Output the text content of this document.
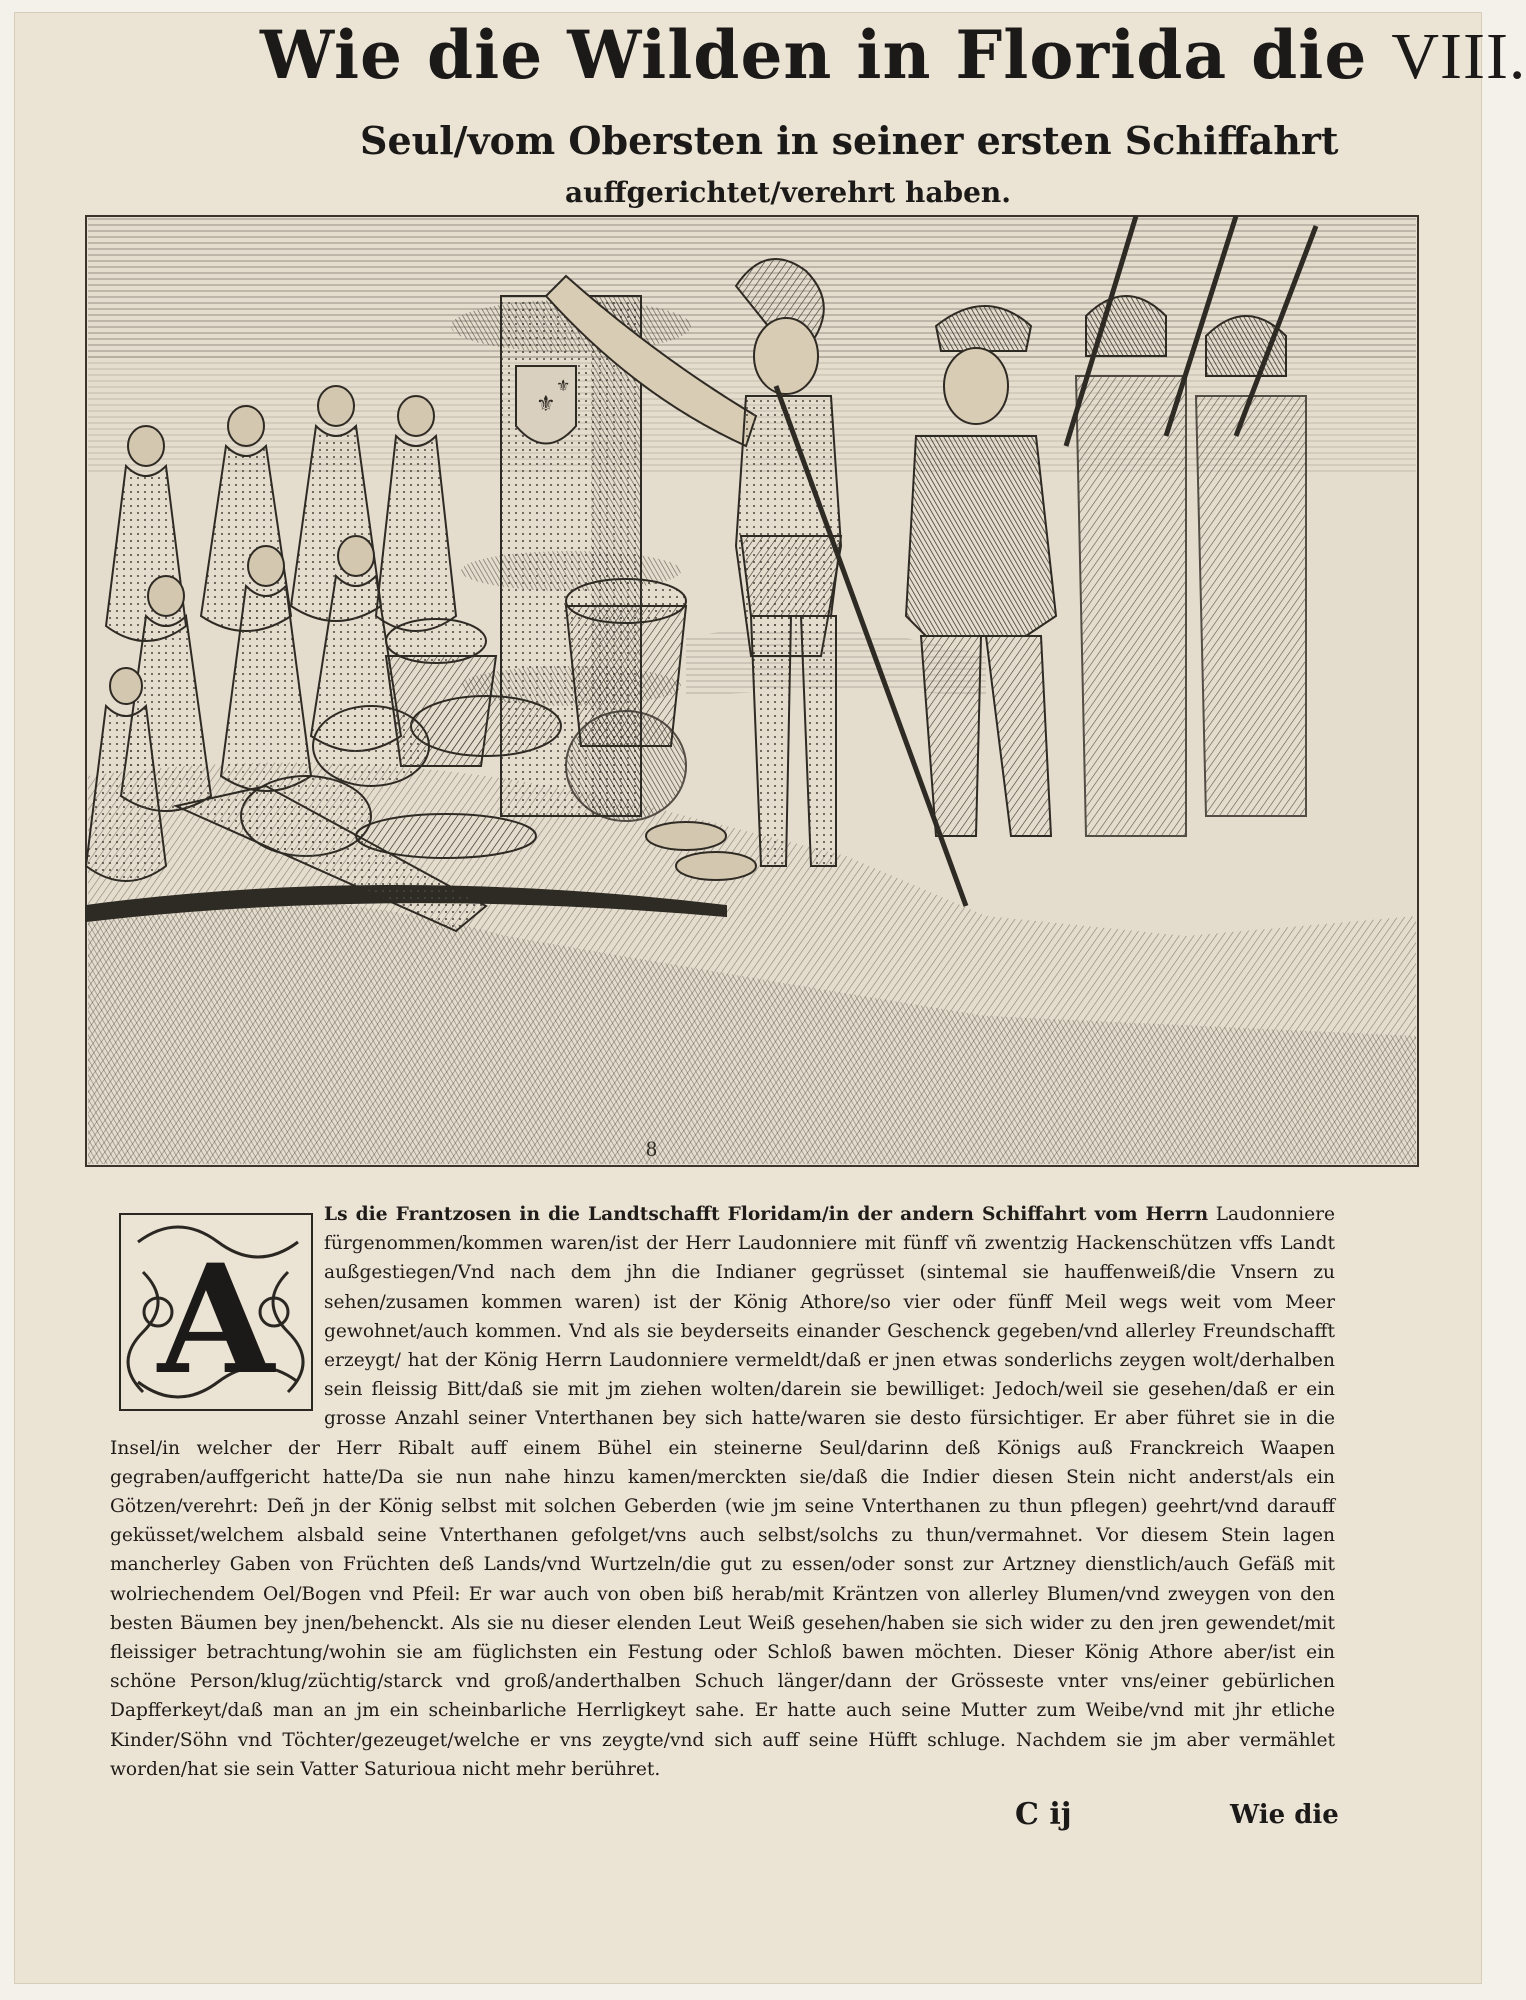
Wie die Wilden in Florida die VIII.
Seul/vom Obersten in seiner ersten Schiffahrt
auffgerichtet/verehrt haben.
⚜
⚜
8
A
Ls die Frantzosen in die Landtschafft Floridam/in der andern Schiffahrt vom Herrn Laudonniere fürgenommen/kommen waren/ist der Herr Laudonniere mit fünff vñ zwentzig Hackenschützen vffs Landt außgestiegen/Vnd nach dem jhn die Indianer gegrüsset (sintemal sie hauffenweiß/die Vnsern zu sehen/zusamen kommen waren) ist der König Athore/so vier oder fünff Meil wegs weit vom Meer gewohnet/auch kommen. Vnd als sie beyderseits einander Geschenck gegeben/vnd allerley Freundschafft erzeygt/ hat der König Herrn Laudonniere vermeldt/daß er jnen etwas sonderlichs zeygen wolt/derhalben sein fleissig Bitt/daß sie mit jm ziehen wolten/darein sie bewilliget: Jedoch/weil sie gesehen/daß er ein grosse Anzahl seiner Vnterthanen bey sich hatte/waren sie desto fürsichtiger. Er aber führet sie in die Insel/in welcher der Herr Ribalt auff einem Bühel ein steinerne Seul/darinn deß Königs auß Franckreich Waapen gegraben/auffgericht hatte/Da sie nun nahe hinzu kamen/merckten sie/daß die Indier diesen Stein nicht anderst/als ein Götzen/verehrt: Deñ jn der König selbst mit solchen Geberden (wie jm seine Vnterthanen zu thun pflegen) geehrt/vnd darauff geküsset/welchem alsbald seine Vnterthanen gefolget/vns auch selbst/solchs zu thun/vermahnet. Vor diesem Stein lagen mancherley Gaben von Früchten deß Lands/vnd Wurtzeln/die gut zu essen/oder sonst zur Artzney dienstlich/auch Gefäß mit wolriechendem Oel/Bogen vnd Pfeil: Er war auch von oben biß herab/mit Kräntzen von allerley Blumen/vnd zweygen von den besten Bäumen bey jnen/behenckt. Als sie nu dieser elenden Leut Weiß gesehen/haben sie sich wider zu den jren gewendet/mit fleissiger betrachtung/wohin sie am füglichsten ein Festung oder Schloß bawen möchten. Dieser König Athore aber/ist ein schöne Person/klug/züchtig/starck vnd groß/anderthalben Schuch länger/dann der Grösseste vnter vns/einer gebürlichen Dapfferkeyt/daß man an jm ein scheinbarliche Herrligkeyt sahe. Er hatte auch seine Mutter zum Weibe/vnd mit jhr etliche Kinder/Söhn vnd Töchter/gezeuget/welche er vns zeygte/vnd sich auff seine Hüfft schluge. Nachdem sie jm aber vermählet worden/hat sie sein Vatter Saturioua nicht mehr berühret.
C ij	Wie die
